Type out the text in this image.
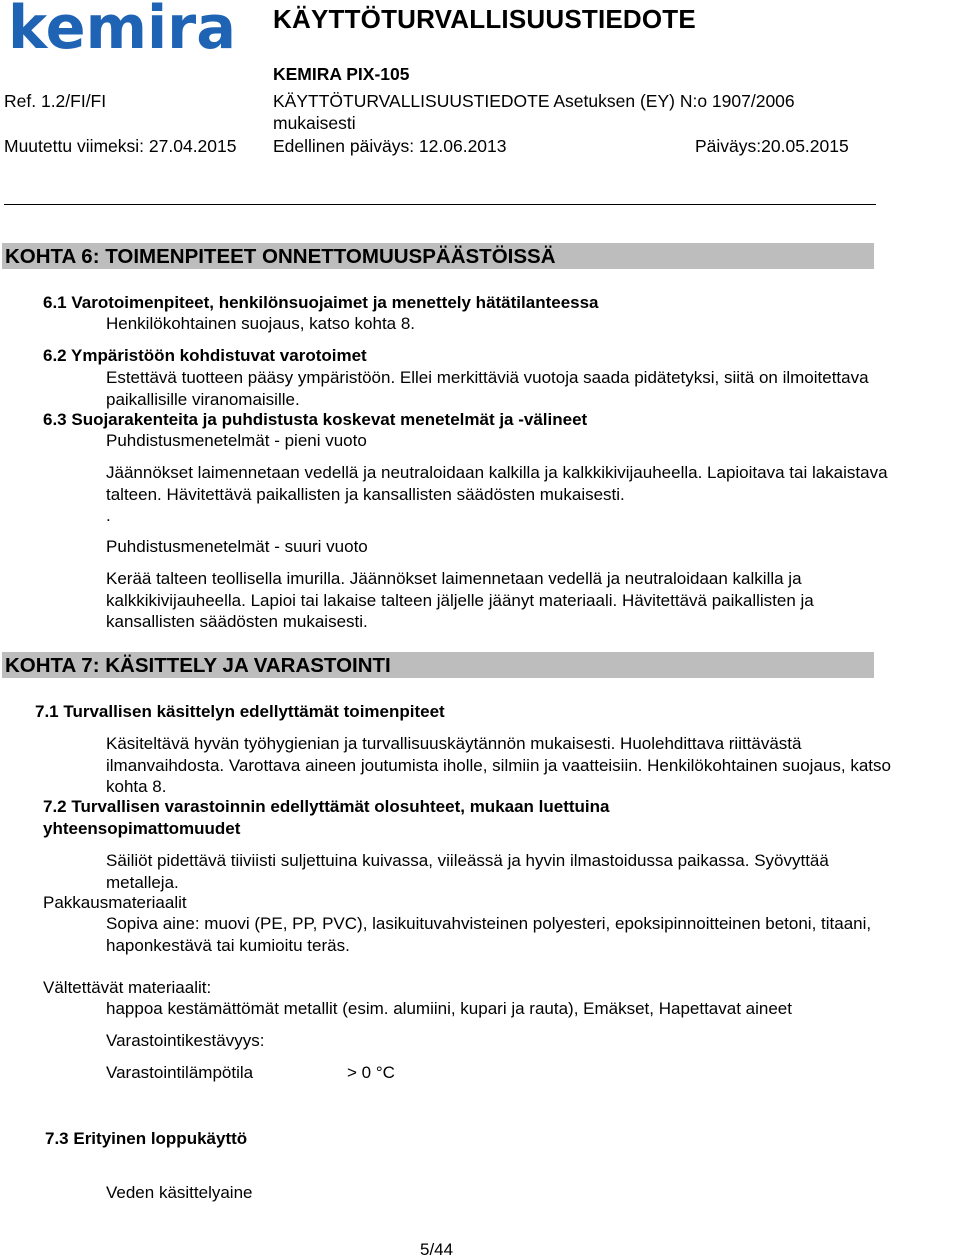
kemira KÄYTTÖTURVALLISUUSTIEDOTE
KEMIRA PIX-105
Ref. 1.2/FI/FI	KÄYTTÖTURVALLISUUSTIEDOTE Asetuksen (EY) N:o 1907/2006
mukaisesti
Muutettu viimeksi: 27.04.2015 Edellinen päiväys: 12.06.2013	Päiväys:20.05.2015
KOHTA 6: TOIMENPITEET ONNETTOMUUSPÄÄSTÖISSÄ
6.1 Varotoimenpiteet, henkilönsuojaimet ja menettely hätätilanteessa
Henkilökohtainen suojaus, katso kohta 8.
6.2 Ympäristöön kohdistuvat varotoimet
Estettävä tuotteen pääsy ympäristöön. Ellei merkittäviä vuotoja saada pidätetyksi, siitä on ilmoitettava
paikallisille viranomaisille.
6.3 Suojarakenteita ja puhdistusta koskevat menetelmät ja -välineet
Puhdistusmenetelmät - pieni vuoto
Jäännökset laimennetaan vedellä ja neutraloidaan kalkilla ja kalkkikivijauheella. Lapioitava tai lakaistava
talteen. Hävitettävä paikallisten ja kansallisten säädösten mukaisesti.
.
Puhdistusmenetelmät - suuri vuoto
Kerää talteen teollisella imurilla. Jäännökset laimennetaan vedellä ja neutraloidaan kalkilla ja
kalkkikivijauheella. Lapioi tai lakaise talteen jäljelle jäänyt materiaali. Hävitettävä paikallisten ja
kansallisten säädösten mukaisesti.
KOHTA 7: KÄSITTELY JA VARASTOINTI
7.1 Turvallisen käsittelyn edellyttämät toimenpiteet
Käsiteltävä hyvän työhygienian ja turvallisuuskäytännön mukaisesti. Huolehdittava riittävästä
ilmanvaihdosta. Varottava aineen joutumista iholle, silmiin ja vaatteisiin. Henkilökohtainen suojaus, katso
kohta 8.
7.2 Turvallisen varastoinnin edellyttämät olosuhteet, mukaan luettuina
yhteensopimattomuudet
Säiliöt pidettävä tiiviisti suljettuina kuivassa, viileässä ja hyvin ilmastoidussa paikassa. Syövyttää
metalleja.
Pakkausmateriaalit
Sopiva aine: muovi (PE, PP, PVC), lasikuituvahvisteinen polyesteri, epoksipinnoitteinen betoni, titaani,
haponkestävä tai kumioitu teräs.
Vältettävät materiaalit:
happoa kestämättömät metallit (esim. alumiini, kupari ja rauta), Emäkset, Hapettavat aineet
Varastointikestävyys:
Varastointilämpötila	> 0 °C
7.3 Erityinen loppukäyttö
Veden käsittelyaine
5/44
